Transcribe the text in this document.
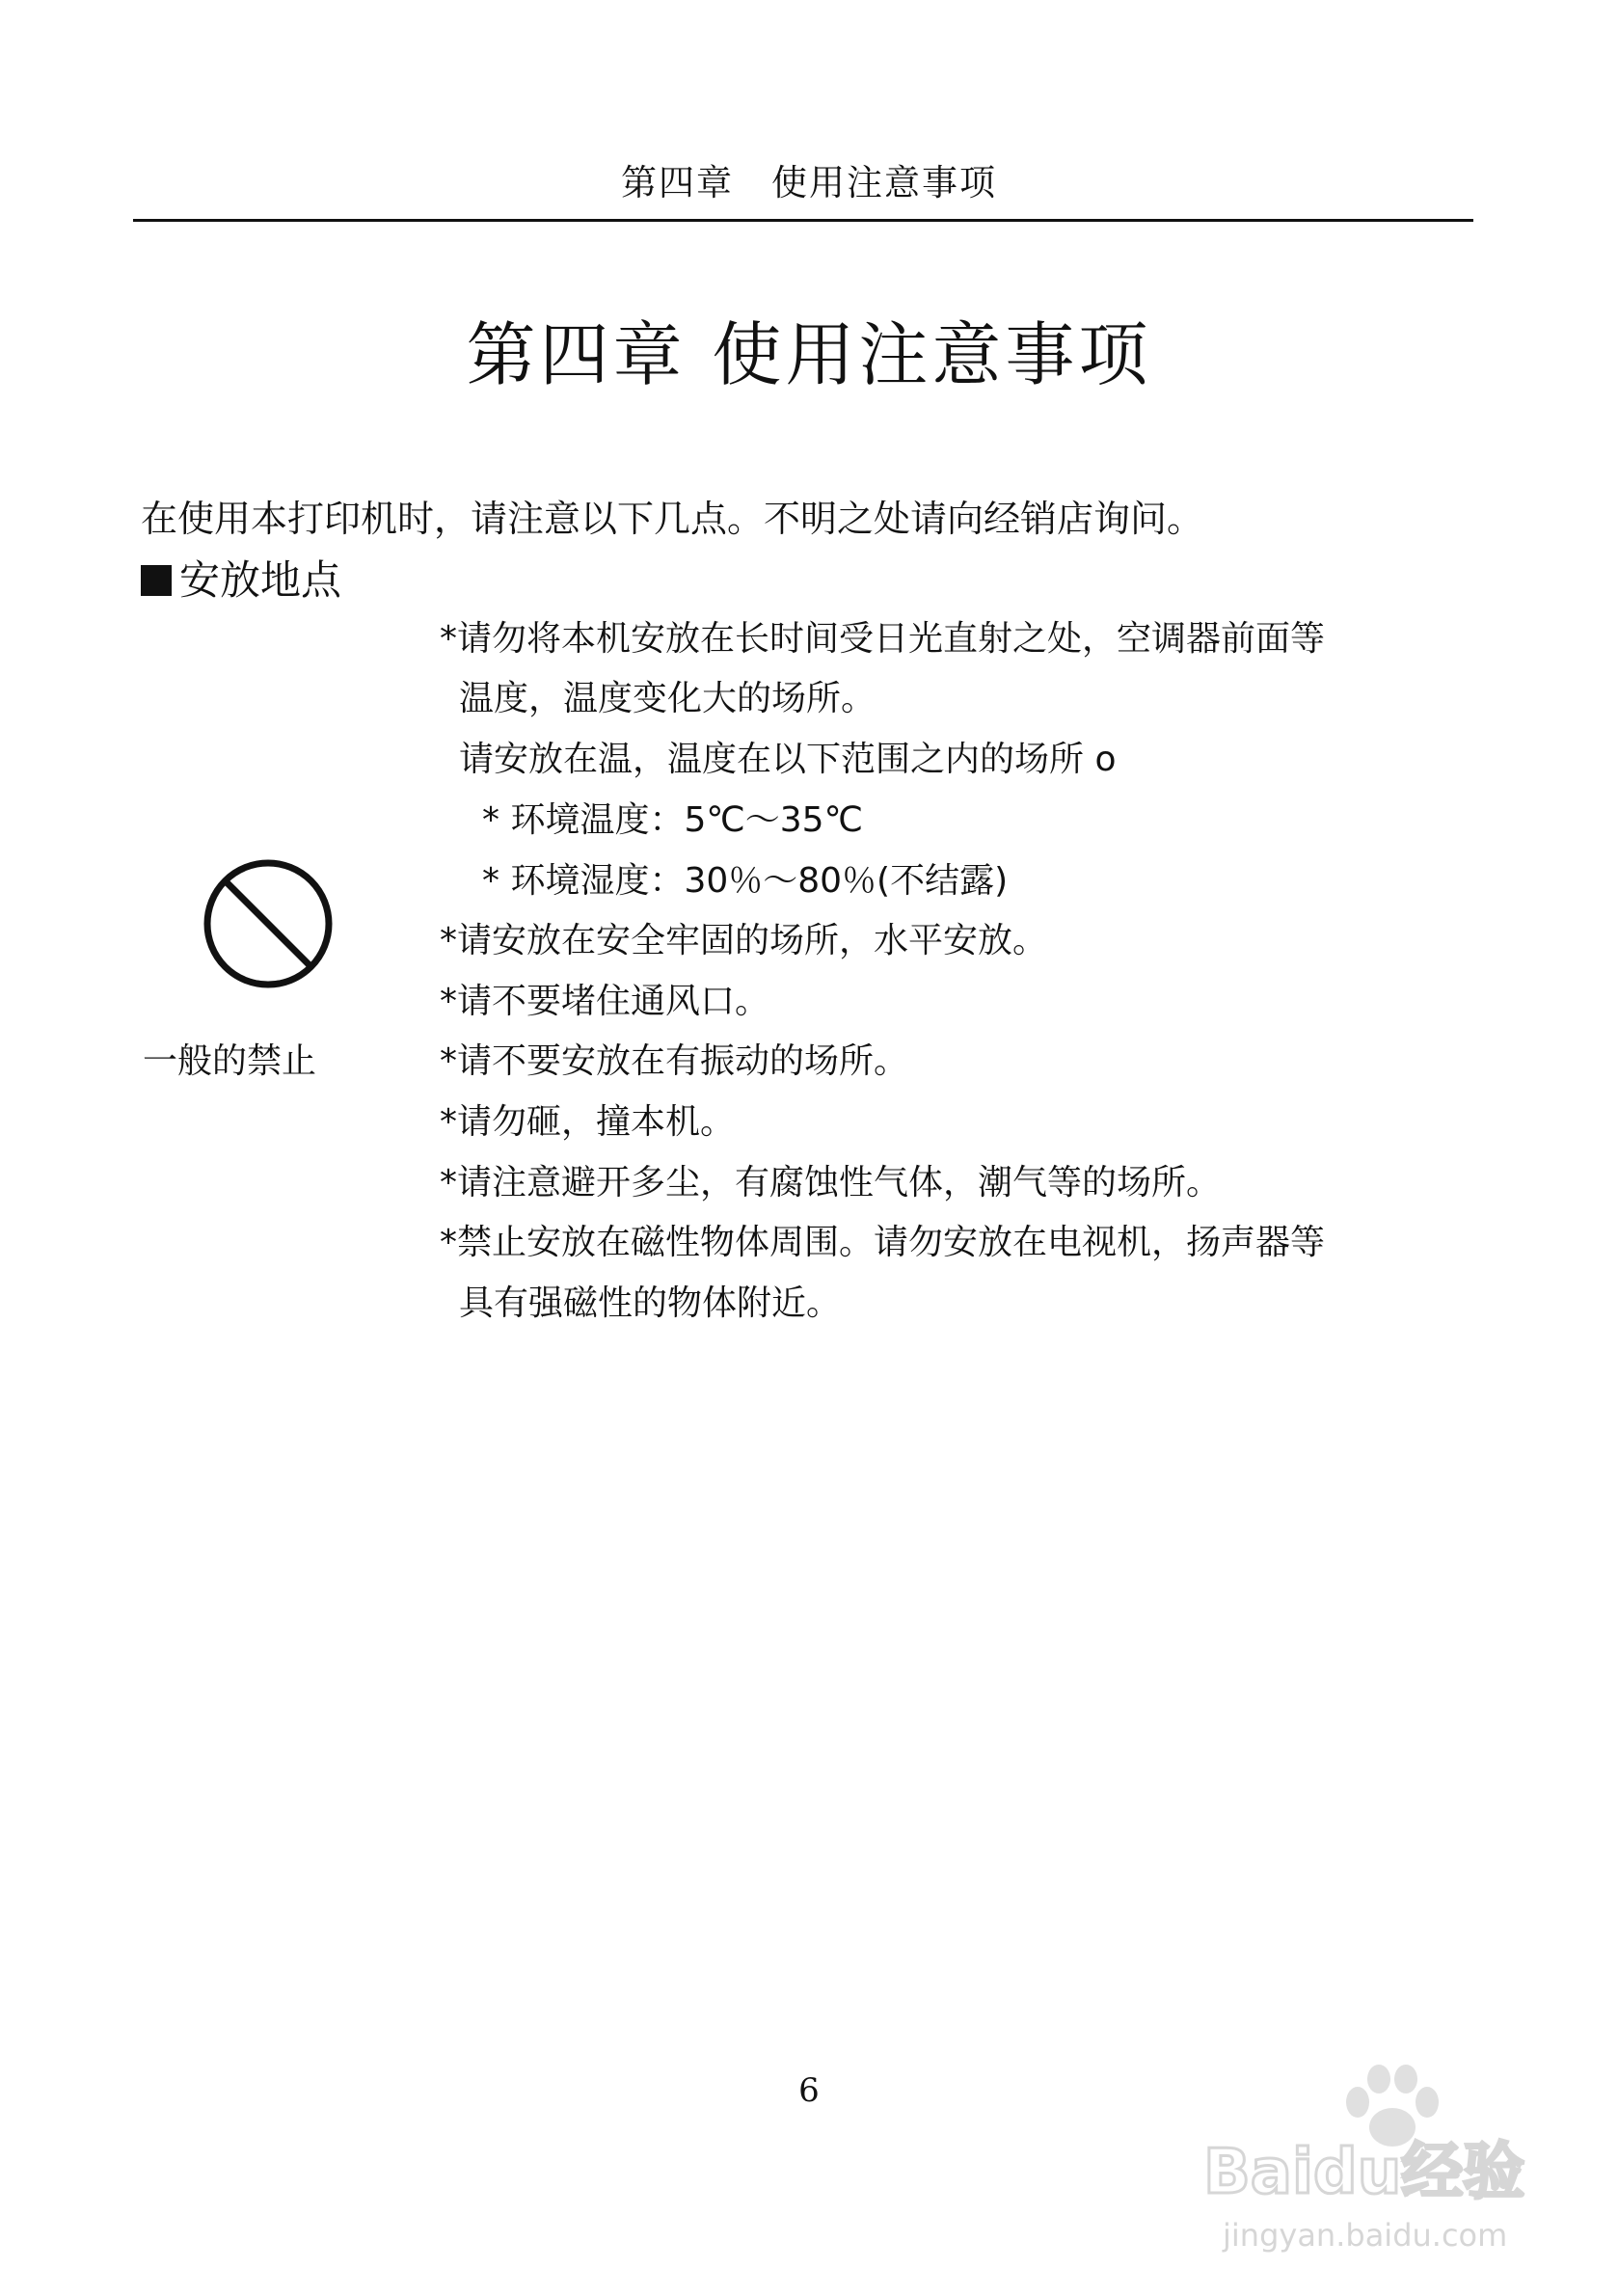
第四章　使用注意事项
第四章 使用注意事项
在使用本打印机时，请注意以下几点。不明之处请向经销店询问。
安放地点
*请勿将本机安放在长时间受日光直射之处，空调器前面等
温度，温度变化大的场所。
请安放在温，温度在以下范围之内的场所 o
* 环境温度：5℃～35℃
* 环境湿度：30％～80％(不结露)
*请安放在安全牢固的场所，水平安放。
*请不要堵住通风口。
*请不要安放在有振动的场所。
*请勿砸，撞本机。
*请注意避开多尘，有腐蚀性气体，潮气等的场所。
*禁止安放在磁性物体周围。请勿安放在电视机，扬声器等
具有强磁性的物体附近。
一般的禁止
6
Baidu经验
jingyan.baidu.com
